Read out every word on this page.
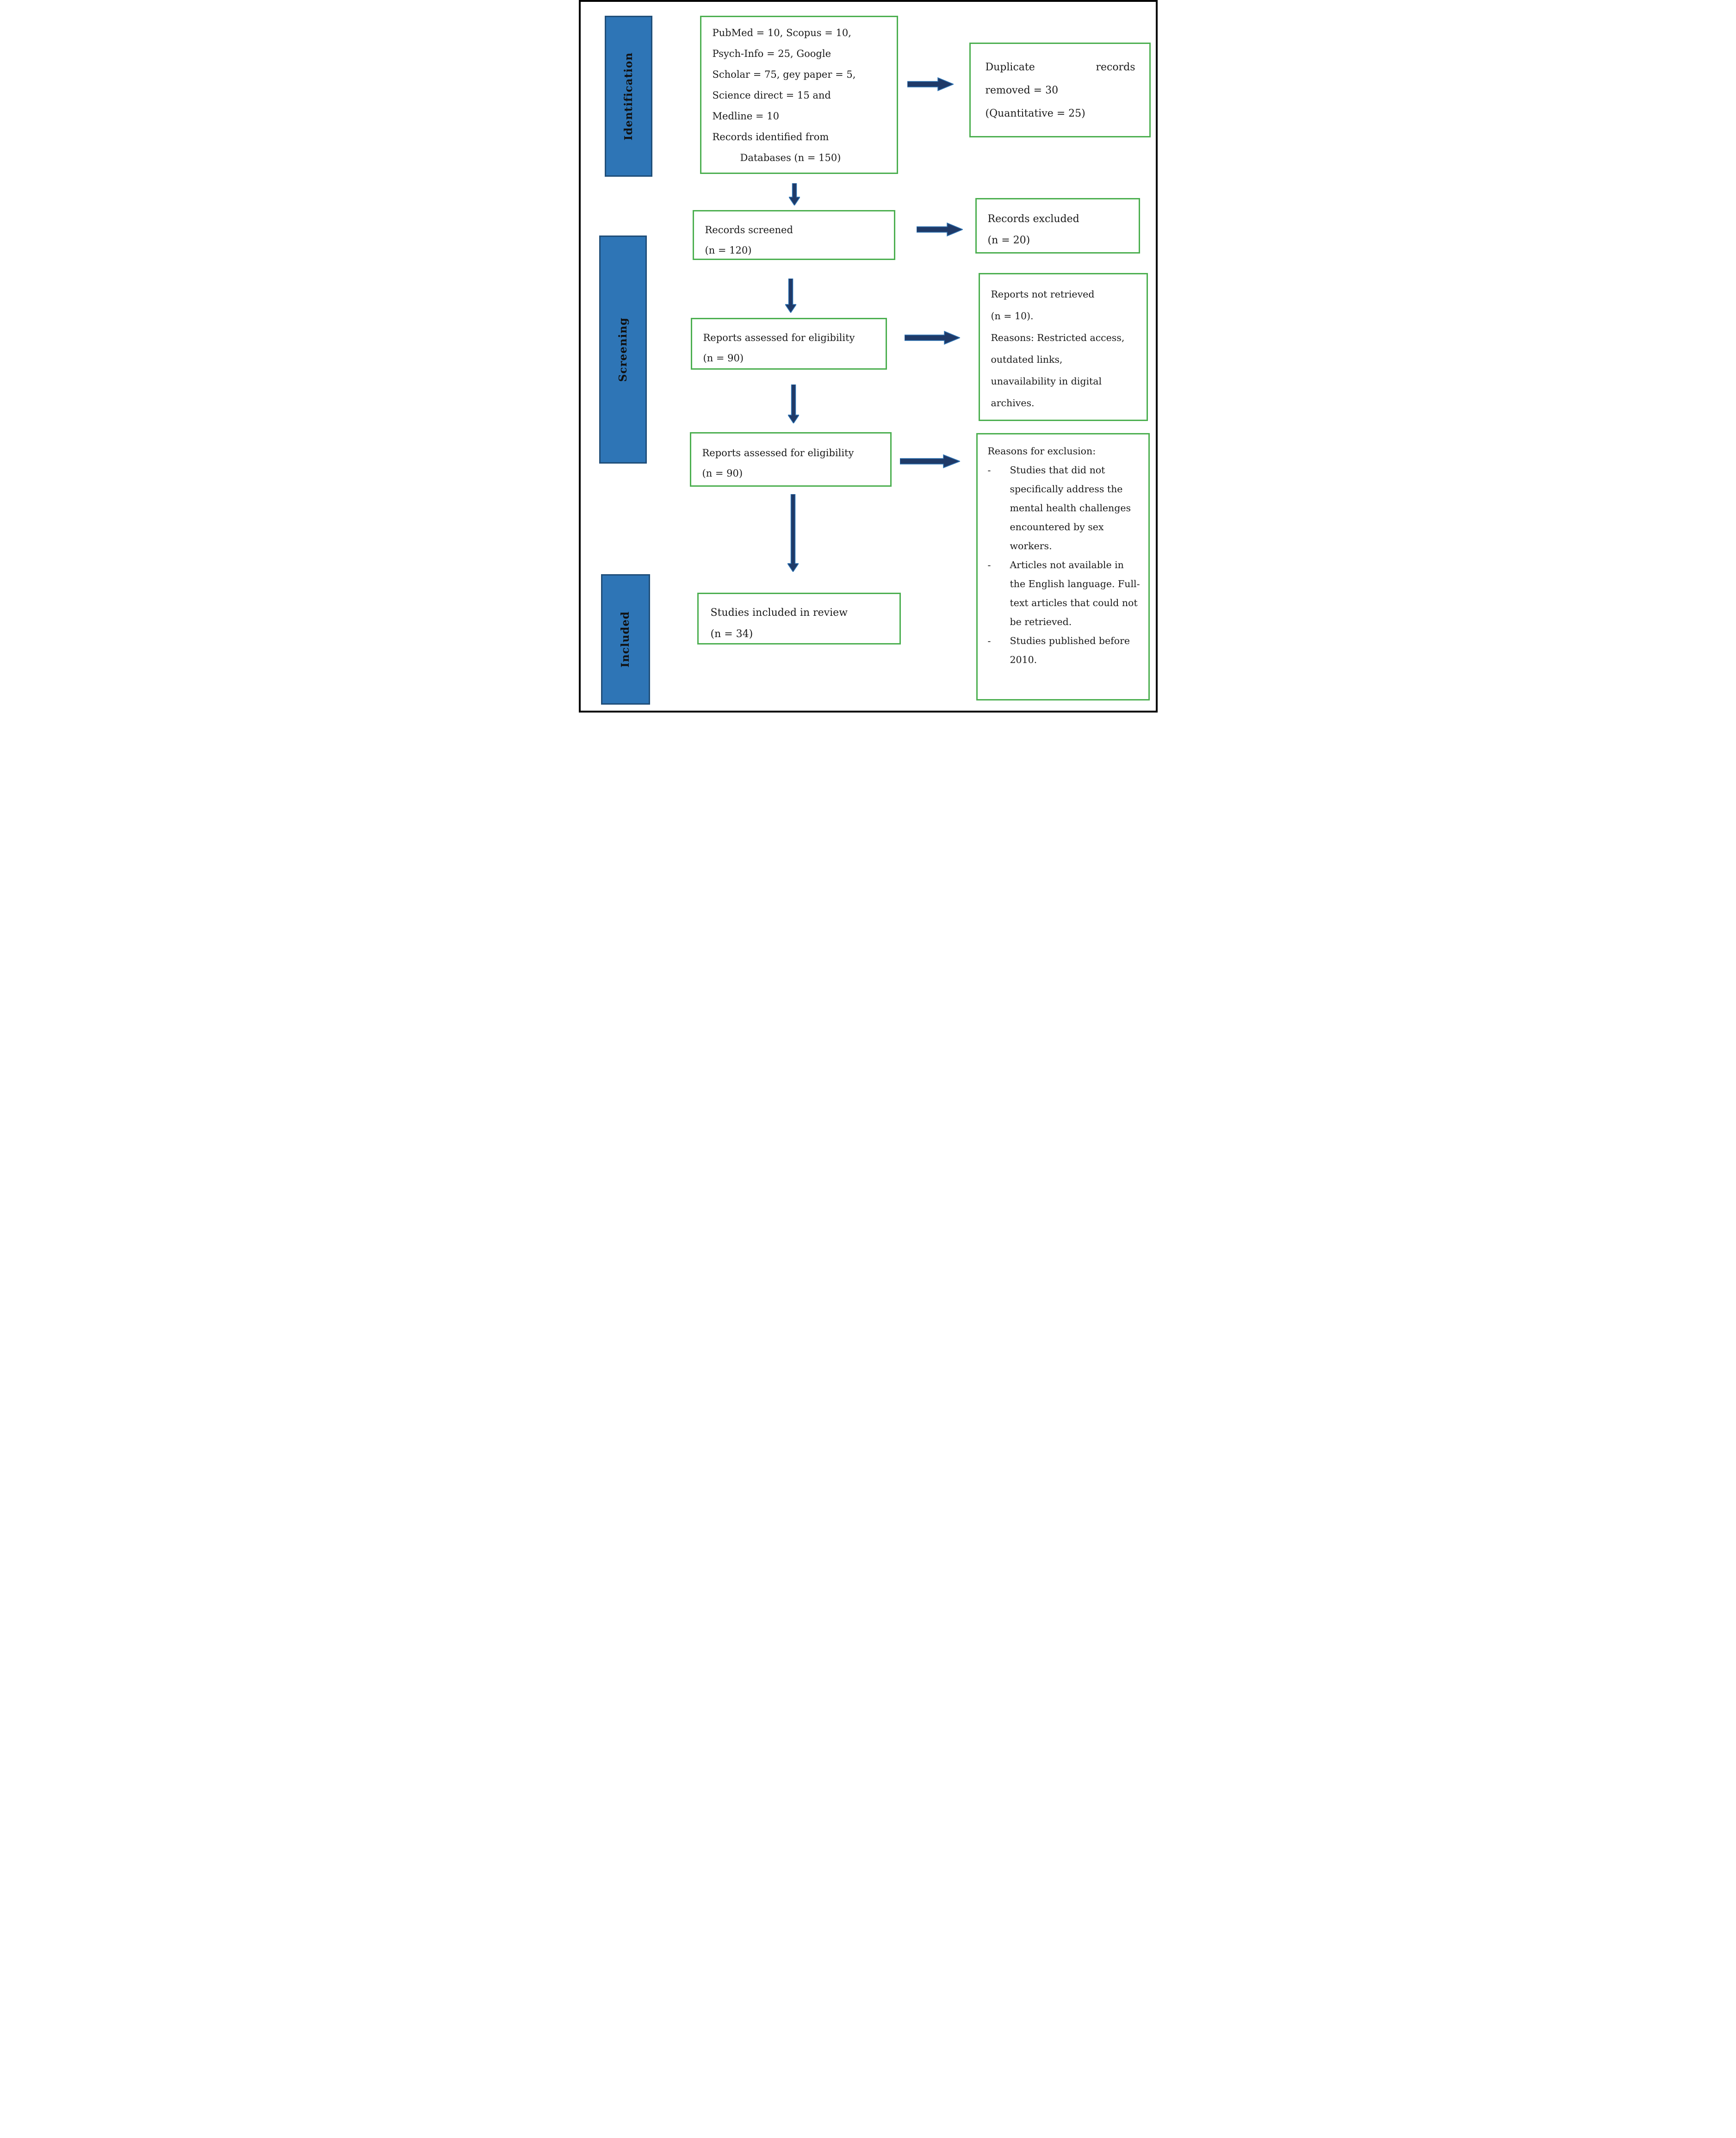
Identification
Screening
Included
PubMed = 10, Scopus = 10,
Psych-Info = 25, Google
Scholar = 75, gey paper = 5,
Science direct = 15 and
Medline = 10
Records identified from
Databases (n = 150)
Duplicate records
removed = 30
(Quantitative = 25)
Records screened
(n = 120)
Records excluded
(n = 20)
Reports assessed for eligibility
(n = 90)
Reports not retrieved
(n = 10).
Reasons: Restricted access,
outdated links,
unavailability in digital
archives.
Reports assessed for eligibility
(n = 90)
Reasons for exclusion:
-	Studies that did not specifically address the mental health challenges encountered by sex workers.
-	Articles not available in the English language. Full-text articles that could not be retrieved.
-	Studies published before 2010.
Studies included in review
(n = 34)
